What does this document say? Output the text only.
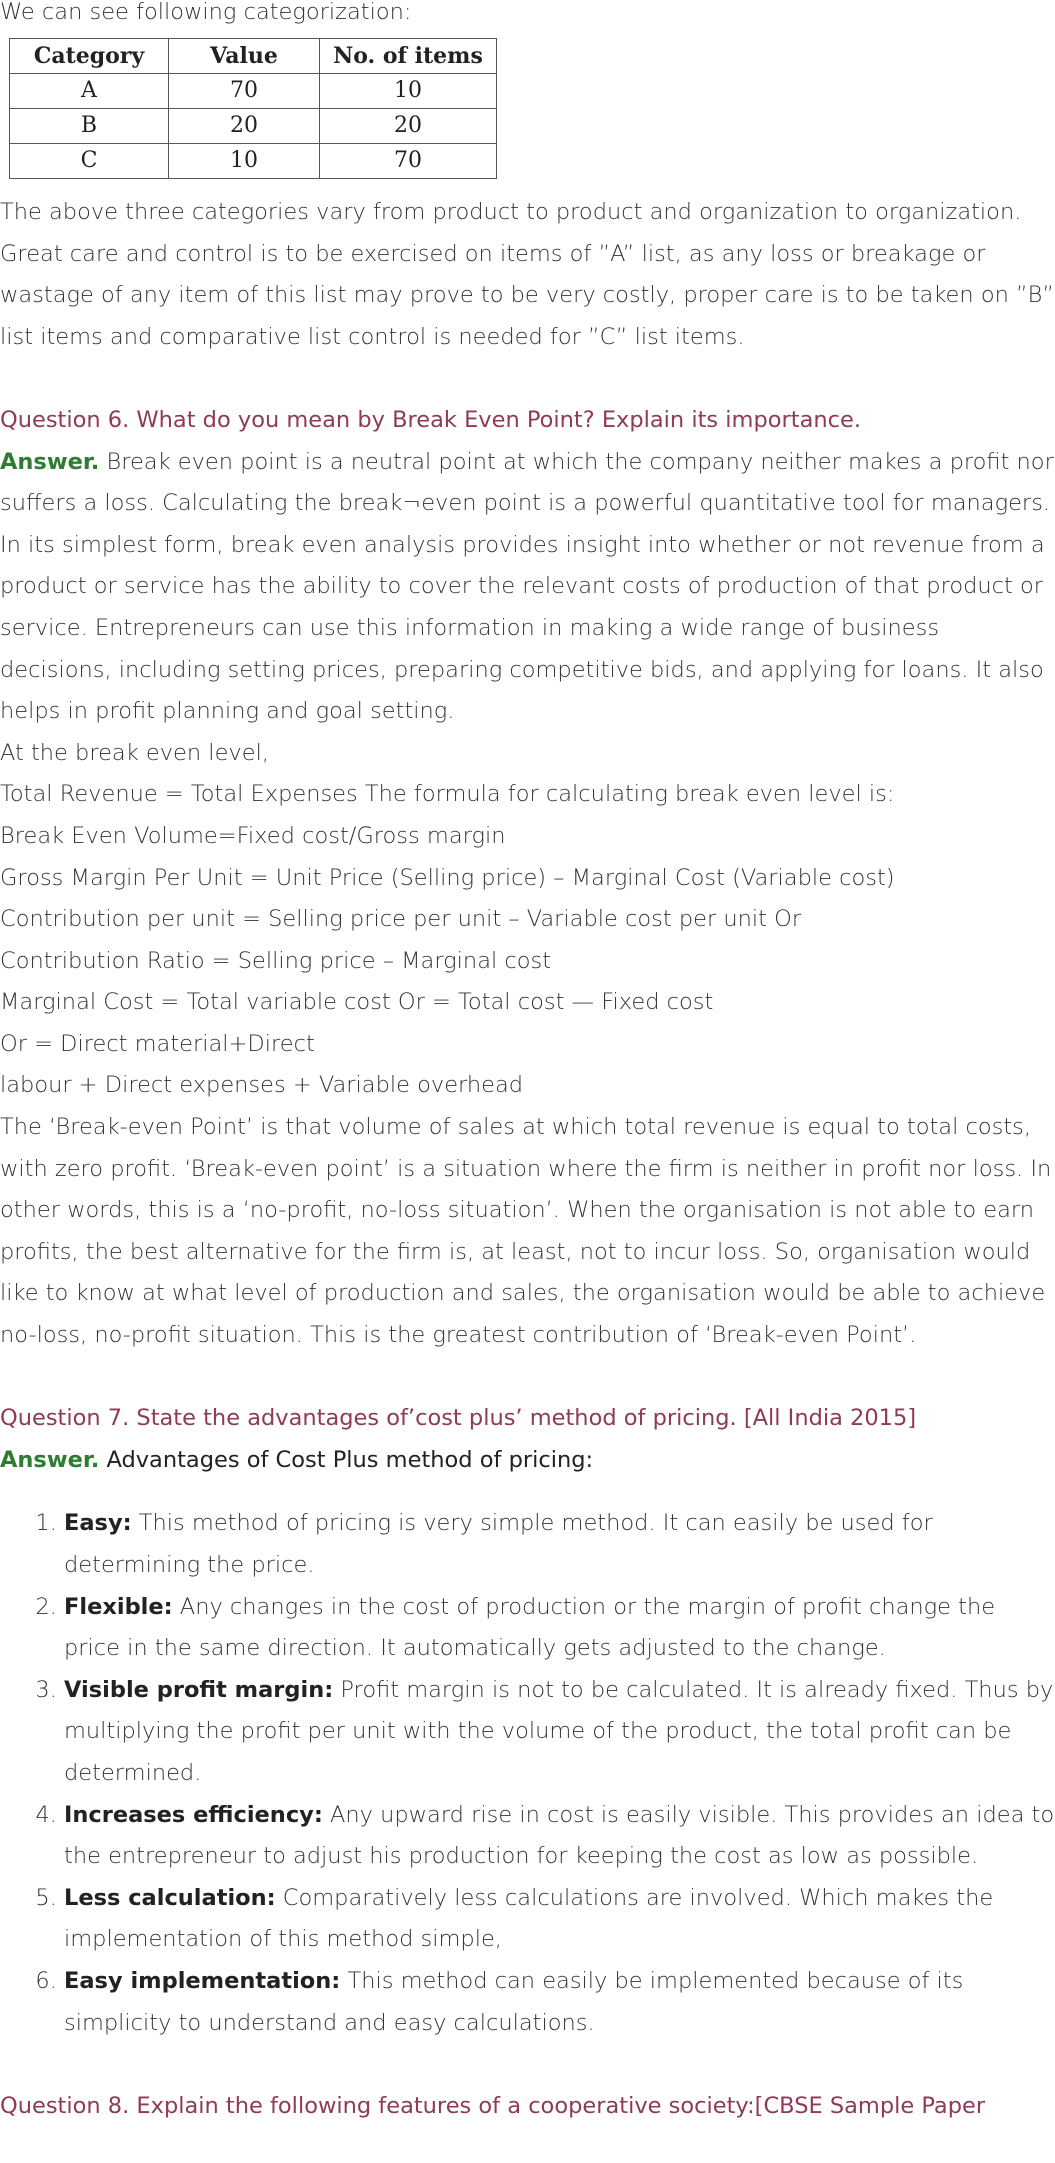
We can see following categorization:

Category	Value	No. of items
A	70	10
B	20	20
C	10	70

The above three categories vary from product to product and organization to organization. Great care and control is to be exercised on items of ”A” list, as any loss or breakage or wastage of any item of this list may prove to be very costly, proper care is to be taken on ”B” list items and comparative list control is needed for ”C” list items.

Question 6. What do you mean by Break Even Point? Explain its importance.

Answer. Break even point is a neutral point at which the company neither makes a profit nor suffers a loss. Calculating the break¬even point is a powerful quantitative tool for managers. In its simplest form, break even analysis provides insight into whether or not revenue from a product or service has the ability to cover the relevant costs of production of that product or service. Entrepreneurs can use this information in making a wide range of business decisions, including setting prices, preparing competitive bids, and applying for loans. It also helps in profit planning and goal setting.

At the break even level,

Total Revenue = Total Expenses The formula for calculating break even level is:

Break Even Volume=Fixed cost/Gross margin

Gross Margin Per Unit = Unit Price (Selling price) – Marginal Cost (Variable cost)

Contribution per unit = Selling price per unit – Variable cost per unit Or

Contribution Ratio = Selling price – Marginal cost

Marginal Cost = Total variable cost Or = Total cost — Fixed cost

Or = Direct material+Direct

labour + Direct expenses + Variable overhead

The ‘Break-even Point’ is that volume of sales at which total revenue is equal to total costs, with zero profit. ‘Break-even point’ is a situation where the firm is neither in profit nor loss. In other words, this is a ‘no-profit, no-loss situation’. When the organisation is not able to earn profits, the best alternative for the firm is, at least, not to incur loss. So, organisation would like to know at what level of production and sales, the organisation would be able to achieve no-loss, no-profit situation. This is the greatest contribution of ‘Break-even Point’.

Question 7. State the advantages of’cost plus’ method of pricing. [All India 2015]

Answer. Advantages of Cost Plus method of pricing:

1. Easy: This method of pricing is very simple method. It can easily be used for determining the price.
2. Flexible: Any changes in the cost of production or the margin of profit change the price in the same direction. It automatically gets adjusted to the change.
3. Visible profit margin: Profit margin is not to be calculated. It is already fixed. Thus by multiplying the profit per unit with the volume of the product, the total profit can be determined.
4. Increases efficiency: Any upward rise in cost is easily visible. This provides an idea to the entrepreneur to adjust his production for keeping the cost as low as possible.
5. Less calculation: Comparatively less calculations are involved. Which makes the implementation of this method simple,
6. Easy implementation: This method can easily be implemented because of its simplicity to understand and easy calculations.

Question 8. Explain the following features of a cooperative society:[CBSE Sample Paper
